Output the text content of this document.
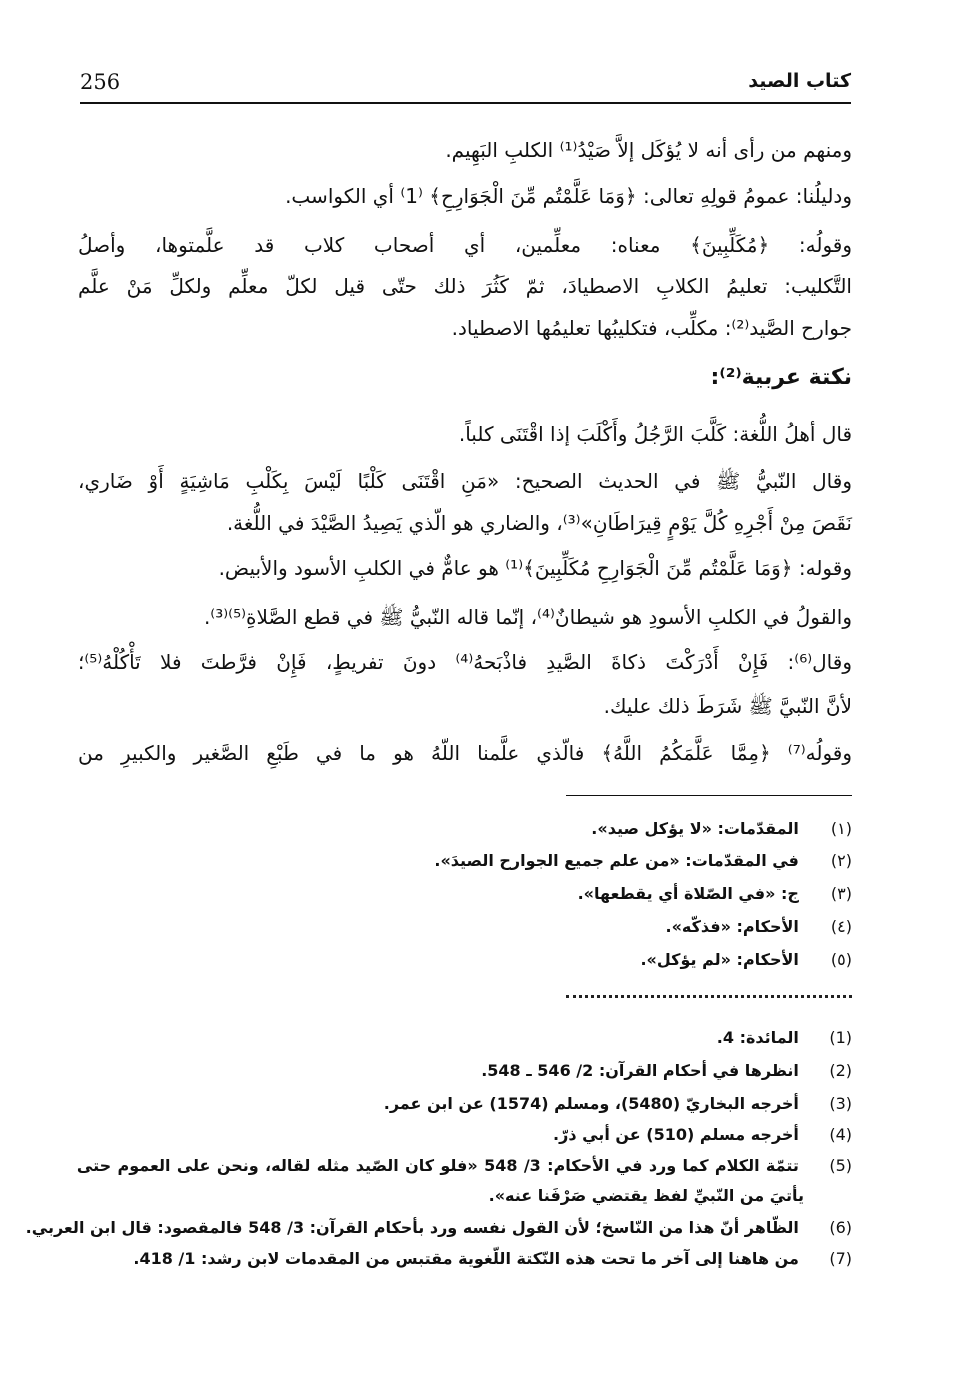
256	كتاب الصيد
ومنهم من رأى أنه لا يُؤكَل إلاَّ صَيْدُ⁽¹⁾ الكلبِ البَهِيم.
ودليلُنا: عمومُ قولِهِ تعالى: ﴿وَمَا عَلَّمْتُم مِّنَ الْجَوَارِحِ﴾ ⁽1⁾ أي الكواسب.
وقولُه: ﴿مُكَلِّبِينَ﴾ معناه: معلِّمين، أي أصحاب كلاب قد علَّمتوها، وأصلُ
التَّكليب: تعليمُ الكلابِ الاصطيادَ، ثمّ كَثُرَ ذلك حتّى قيل لكلّ معلِّم ولكلِّ مَنْ علَّم
جوارح الصَّيد⁽²⁾: مكلِّب، فتكليبُها تعليمُها الاصطياد.
نكتة عربية⁽²⁾:
قال أهلُ اللُّغة: كَلَّبَ الرَّجُلُ وأَكْلَبَ إذا اقْتَنَى كلباً.
وقال النّبيُّ ﷺ في الحديث الصحيح: «مَنِ اقْتَنَى كَلْبًا لَيْسَ بِكَلْبِ مَاشِيَةٍ أَوْ ضَاري،
نَقَصَ مِنْ أَجْرِهِ كُلَّ يَوْمٍ قِيرَاطَانِ»⁽³⁾، والضاري هو الّذي يَصِيدُ الصَّيْدَ في اللُّغة.
وقوله: ﴿وَمَا عَلَّمْتُم مِّنَ الْجَوَارِحِ مُكَلِّبِينَ﴾⁽¹⁾ هو عامٌّ في الكلبِ الأسود والأبيض.
والقولُ في الكلبِ الأسودِ هو شيطانٌ⁽⁴⁾، إنّما قاله النّبيُّ ﷺ في قطع الصَّلاةِ⁽⁵⁾⁽³⁾.
وقال⁽⁶⁾: فَإِنْ أَدْرَكْتَ ذكاةَ الصَّيدِ فاذْبَحهُ⁽⁴⁾ دونَ تفريطٍ، فَإِنْ فرَّطتَ فلا تَأْكُلْهُ⁽⁵⁾؛
لأنَّ النّبيَّ ﷺ شَرَطَ ذلك عليك.
وقولُه⁽⁷⁾ ﴿مِمَّا عَلَّمَكُمُ اللَّهُ﴾ فالّذي علَّمنا اللّهُ هو ما في طَبْعِ الصَّغير والكبيرِ من
(١) المقدّمات: «لا يؤكل صيد».
(٢) في المقدّمات: «من علم جميع الجوارح الصيدَ».
(٣) ج: «في الصّلاة أي يقطعها».
(٤) الأحكام: «فذكّه».
(٥) الأحكام: «لم يؤكل».
(1) المائدة: 4.
(2) انظرها في أحكام القرآن: 2/ 546 ـ 548.
(3) أخرجه البخاريّ (5480)، ومسلم (1574) عن ابن عمر.
(4) أخرجه مسلم (510) عن أبي ذرّ.
(5) تتمّة الكلام كما ورد في الأحكام: 3/ 548 «فلو كان الصّيد مثله لقاله، ونحن على العموم حتى
يأتيَ من النّبيِّ لفظ يقتضي صَرْفَنا عنه».
(6) الظّاهر أنّ هذا من النّاسخ؛ لأن القول نفسه ورد بأحكام القرآن: 3/ 548 فالمقصود: قال ابن العربي.
(7) من هاهنا إلى آخر ما تحت هذه النّكتة اللّغوية مقتبس من المقدمات لابن رشد: 1/ 418.
